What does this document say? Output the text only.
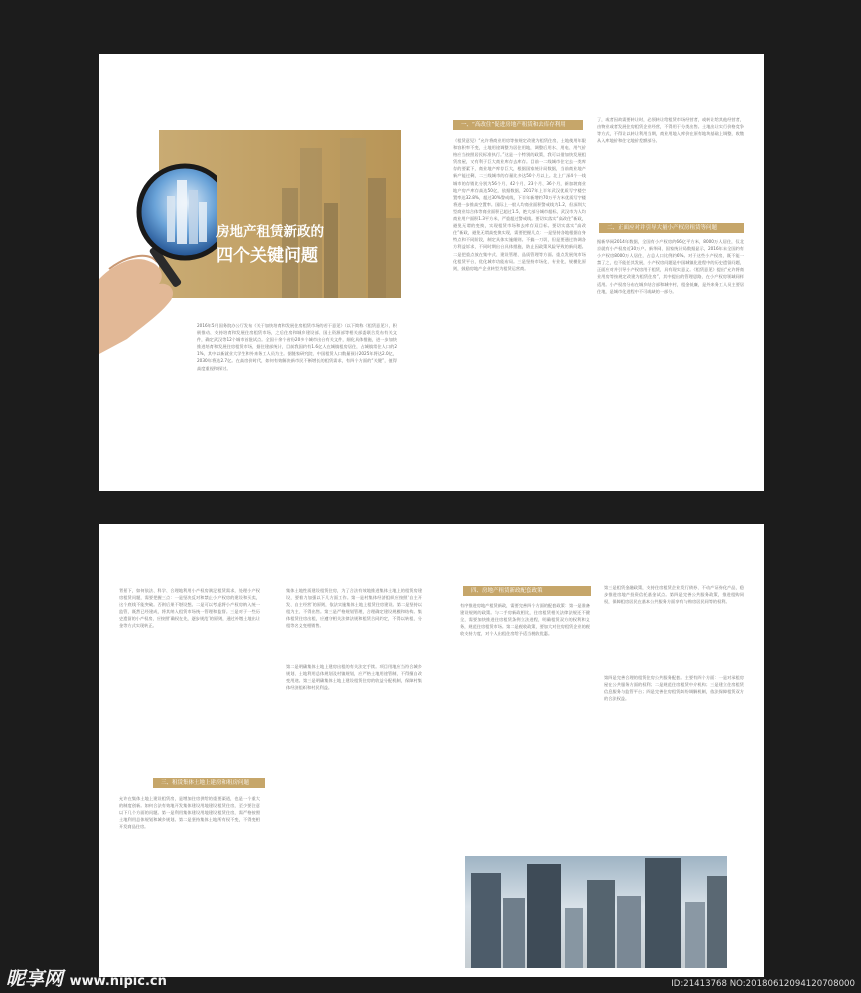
房地产租赁新政的
四个关键问题
2016年5月国务院办公厅发布《关于加快培育和发展住房租赁市场的若干意见》（以下简称《租赁意见》），积极推动、支持培育和发展住房租赁市场，之后住房和城乡建设部、国土资源部等相关部委联合发布有关文件，确定武汉等12个城市首批试点。全国十余个省份20多个城市出台有关文件，细化具体措施，进一步加快推进培育和发展住房租赁市场，据住建部统计，目前我国约有1.6亿人在城镇租房居住，占城镇常住人口的21%，其中以新就业大学生和外来务工人员为主。据链家研究院、中国租赁人口数量预计2025年将达2.0亿，2030年将达2.7亿。在高房价时代，如何有效解决新市民不断增长的租赁需求，有四个方面的“关键”，值得高度重视和探讨。
一、“高改住”促进房地产租赁和去库存利用
《租赁意见》“允许将商业用房等按规定改建为租赁住房，土地使用年限和容积率不变，土地用途调整为居住用地，调整后用水、用电、用气价格应当按照居民标准执行。”这是一个特别的政策，我可以借加快发展租赁房屋，又有利于巨大商业库存去库存。目前一二线城市住宅去一类库存的要素下，商业地产库存巨大，根据国家统计局数据，当前商业地产新产能过剩，二三线城市的存量比多达50个月以上。北上广深4个一线城市的存销比分别为56个月、42个月、23个月、36个月，新加坡商业地产房产库存高达50亿，依据数据，2017年上半年武汉优质写字楼空置率达32.8%，超过30%警戒线，下半年新增约70万平方米优质写字楼将进一步推高空置率。国际上一般人均商业面积警戒线为1.2，但深圳大型商业综合体等商业面积已超过1.5，绝大部分城市超标，武汉市为人均商业用户面积1.3平方米，严重超过警戒线。要切实落实“高改住”新政，避免无谓的变换，实现租赁市场和去库存双目标。要切实落实“高改住”新政，避免无谓高变换实现，需要把握几点：一是坚持各地根据自身特点和不同阶段，制定具体实施细则。不搞一刀切，但是要通过协调各方利益诉求，不同时期出台具体措施，防止因政策风险导致的新问题。二是把重点放在集中式、建设管理、品质管理等方面。重点发展纯市场化租赁平台，优化城市功能布局。三是坚持市场化、专业化、规模化原则，鼓励房地产企业转型为租赁运营商。
了，或者因故需要转让时，必须转让给租赁市场经营者，或转让给其他经营者，由物业或者发展住房租赁企业经营，不得用于分类出售。土地出让实行价格竞争等方式，不得让以转让利用当期，商业用地入库价在原有地块基础上调整，收缴从入库地价和住宅地价差额部分。
二、正面应对并引导大量小产权房租赁等问题
据新华网2014年数据，全国有小产权房约66亿平方米，8000万人居住，仅北京就有小产权房近30万户。新华网、国家统计局数据显示，2016年末全国约有小产权房8000万人居住，占总人口比例约6%。对于这些小产权房，既不能一禁了之，也不能任其发展，小产权房问题是中国城镇化进程中的历史遗留问题，正面应对并引导小产权房用于租赁，具有现实意义。《租赁意见》提出“允许将商业用房等按规定改建为租赁住房”，其中提出的管理思路，在小产权房领域同样适用。小产权房分布在城乡结合部和城中村，租金低廉，是外来务工人员主要居住地，是城市化进程中不可或缺的一部分。
背景下，如何依法、科学、合理地利用小产权房满足租赁需求，处理小产权房租赁问题，需要把握三点：一是坚决反对和禁止小产权房的建设和买卖，这个底线不能突破。否则后果不堪设想。二是可以考虑将小产权房纳入统一监管，既然已经建成，将其纳入租赁市场统一管理和监督。三是对于一些历史遗留的小产权房，应按照‘确权在先，逐步规范’的原则，通过补缴土地出让金等方式实现转正。
三、租赁集体土地上建房和租房问题
允许在集体土地上建设租赁房，是增加住房供给的重要渠道，也是一个重大的制度创新。如何合法有效地开发集体建设用地建设租赁住房，至少要注意以下几个方面的问题。第一是利用集体建设用地建设租赁住房，需严格按照土地利用总体规划和城乡规划。第二是坚持集体土地所有权不变，不得变相开发商品住房。
集体土地性质建设租赁住房，为了合法有效地推进集体土地上的租赁房建设，要着力加强以下几方面工作。第一是村集体经济组织应按照‘自主开发、自主经营’的原则，依法实施集体土地上租赁住房建设。第二是坚持以租为主、不得出售。第三是严格规划管理，合理确定建设规模和结构。集体租赁住房出租，应遵守相关法律法规和租赁合同约定，不得以转租、分租等名义变相销售。
第二是明确集体土地上建房出租的有关法定手续。项目用地应当符合城乡规划、土地利用总体规划及村镇规划，应严格土地用途管制，不得擅自改变用途。第三是明确集体土地上建设租赁住房的收益分配机制，保障村集体经济组织和村民利益。
四、房地产租赁新政配套政策
有序推进房地产租赁新政，需要完善四个方面的配套政策：第一是准备建设规则的政策。与二手房新政相比，住房租赁相关法律法规还不健全，需要加快推进住房租赁条例立法进程，明确租赁双方的权利和义务，规范住房租赁市场。第二是税收政策，要加大对住房租赁企业的税收支持力度，对个人出租住房给予适当税收优惠。
第三是租赁金融政策，支持住房租赁企业发行债券、不动产证券化产品，稳步推进房地产投资信托基金试点。第四是完善公共服务政策，推进租购同权，保障租房居民在基本公共服务方面享有与购房居民同等的权利。
第四是完善合理的租赁住房公共服务配套。主要有四个方面：一是对承租房屋在公共服务方面的权利；二是规范住房租赁中介机构；三是建立住房租赁信息服务与监管平台；四是完善住房租赁纠纷调解机制，依法保障租赁双方的合法权益。
昵享网 www.nipic.cn	ID:21413768 NO:20180612094120708000
